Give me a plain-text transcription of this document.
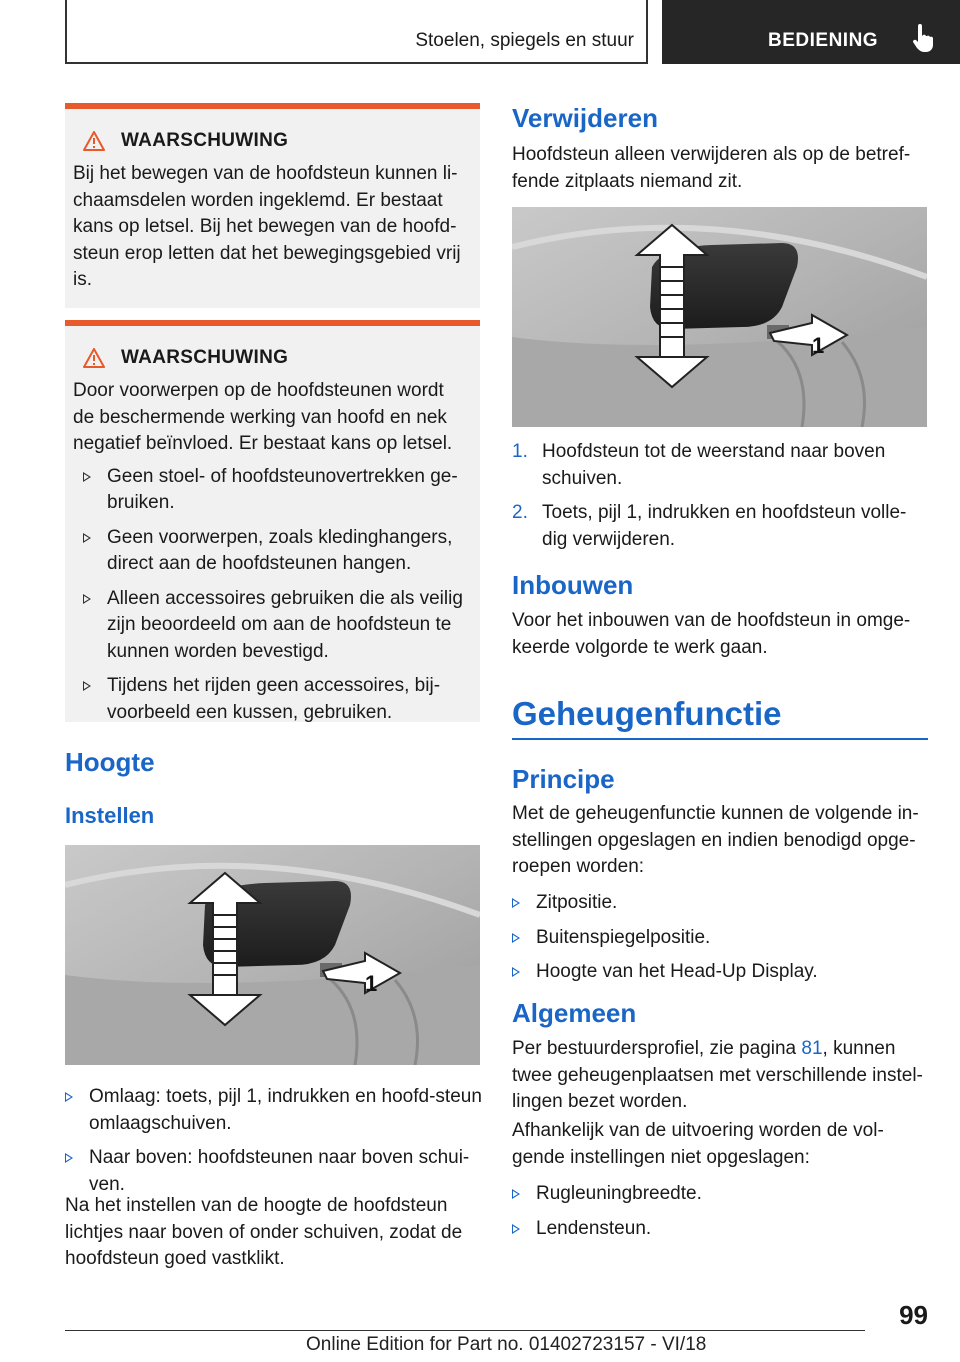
Stoelen, spiegels en stuur	BEDIENING
WAARSCHUWING

Bij het bewegen van de hoofdsteun kunnen li-chaamsdelen worden ingeklemd. Er bestaat kans op letsel. Bij het bewegen van de hoofd-steun erop letten dat het bewegingsgebied vrij is.

WAARSCHUWING

Door voorwerpen op de hoofdsteunen wordt de beschermende werking van hoofd en nek negatief beïnvloed. Er bestaat kans op letsel.

Geen stoel- of hoofdsteunovertrekken ge-bruiken.
Geen voorwerpen, zoals kledinghangers, direct aan de hoofdsteunen hangen.
Alleen accessoires gebruiken die als veilig zijn beoordeeld om aan de hoofdsteun te kunnen worden bevestigd.
Tijdens het rijden geen accessoires, bij-voorbeeld een kussen, gebruiken.
Hoogte
Instellen
1
Omlaag: toets, pijl 1, indrukken en hoofd-steun omlaagschuiven.
Naar boven: hoofdsteunen naar boven schui-ven.

Na het instellen van de hoogte de hoofdsteun lichtjes naar boven of onder schuiven, zodat de hoofdsteun goed vastklikt.

Verwijderen

Hoofdsteun alleen verwijderen als op de betref-fende zitplaats niemand zit.

1
1. Hoofdsteun tot de weerstand naar boven schuiven.
2. Toets, pijl 1, indrukken en hoofdsteun volle-dig verwijderen.
Inbouwen

Voor het inbouwen van de hoofdsteun in omge-keerde volgorde te werk gaan.

Geheugenfunctie
Principe

Met de geheugenfunctie kunnen de volgende in-stellingen opgeslagen en indien benodigd opge-roepen worden:

Zitpositie.
Buitenspiegelpositie.
Hoogte van het Head-Up Display.
Algemeen

Per bestuurdersprofiel, zie pagina 81, kunnen twee geheugenplaatsen met verschillende instel-lingen bezet worden.

Afhankelijk van de uitvoering worden de vol-gende instellingen niet opgeslagen:

Rugleuningbreedte.
Lendensteun.
99
Online Edition for Part no. 01402723157 - VI/18
